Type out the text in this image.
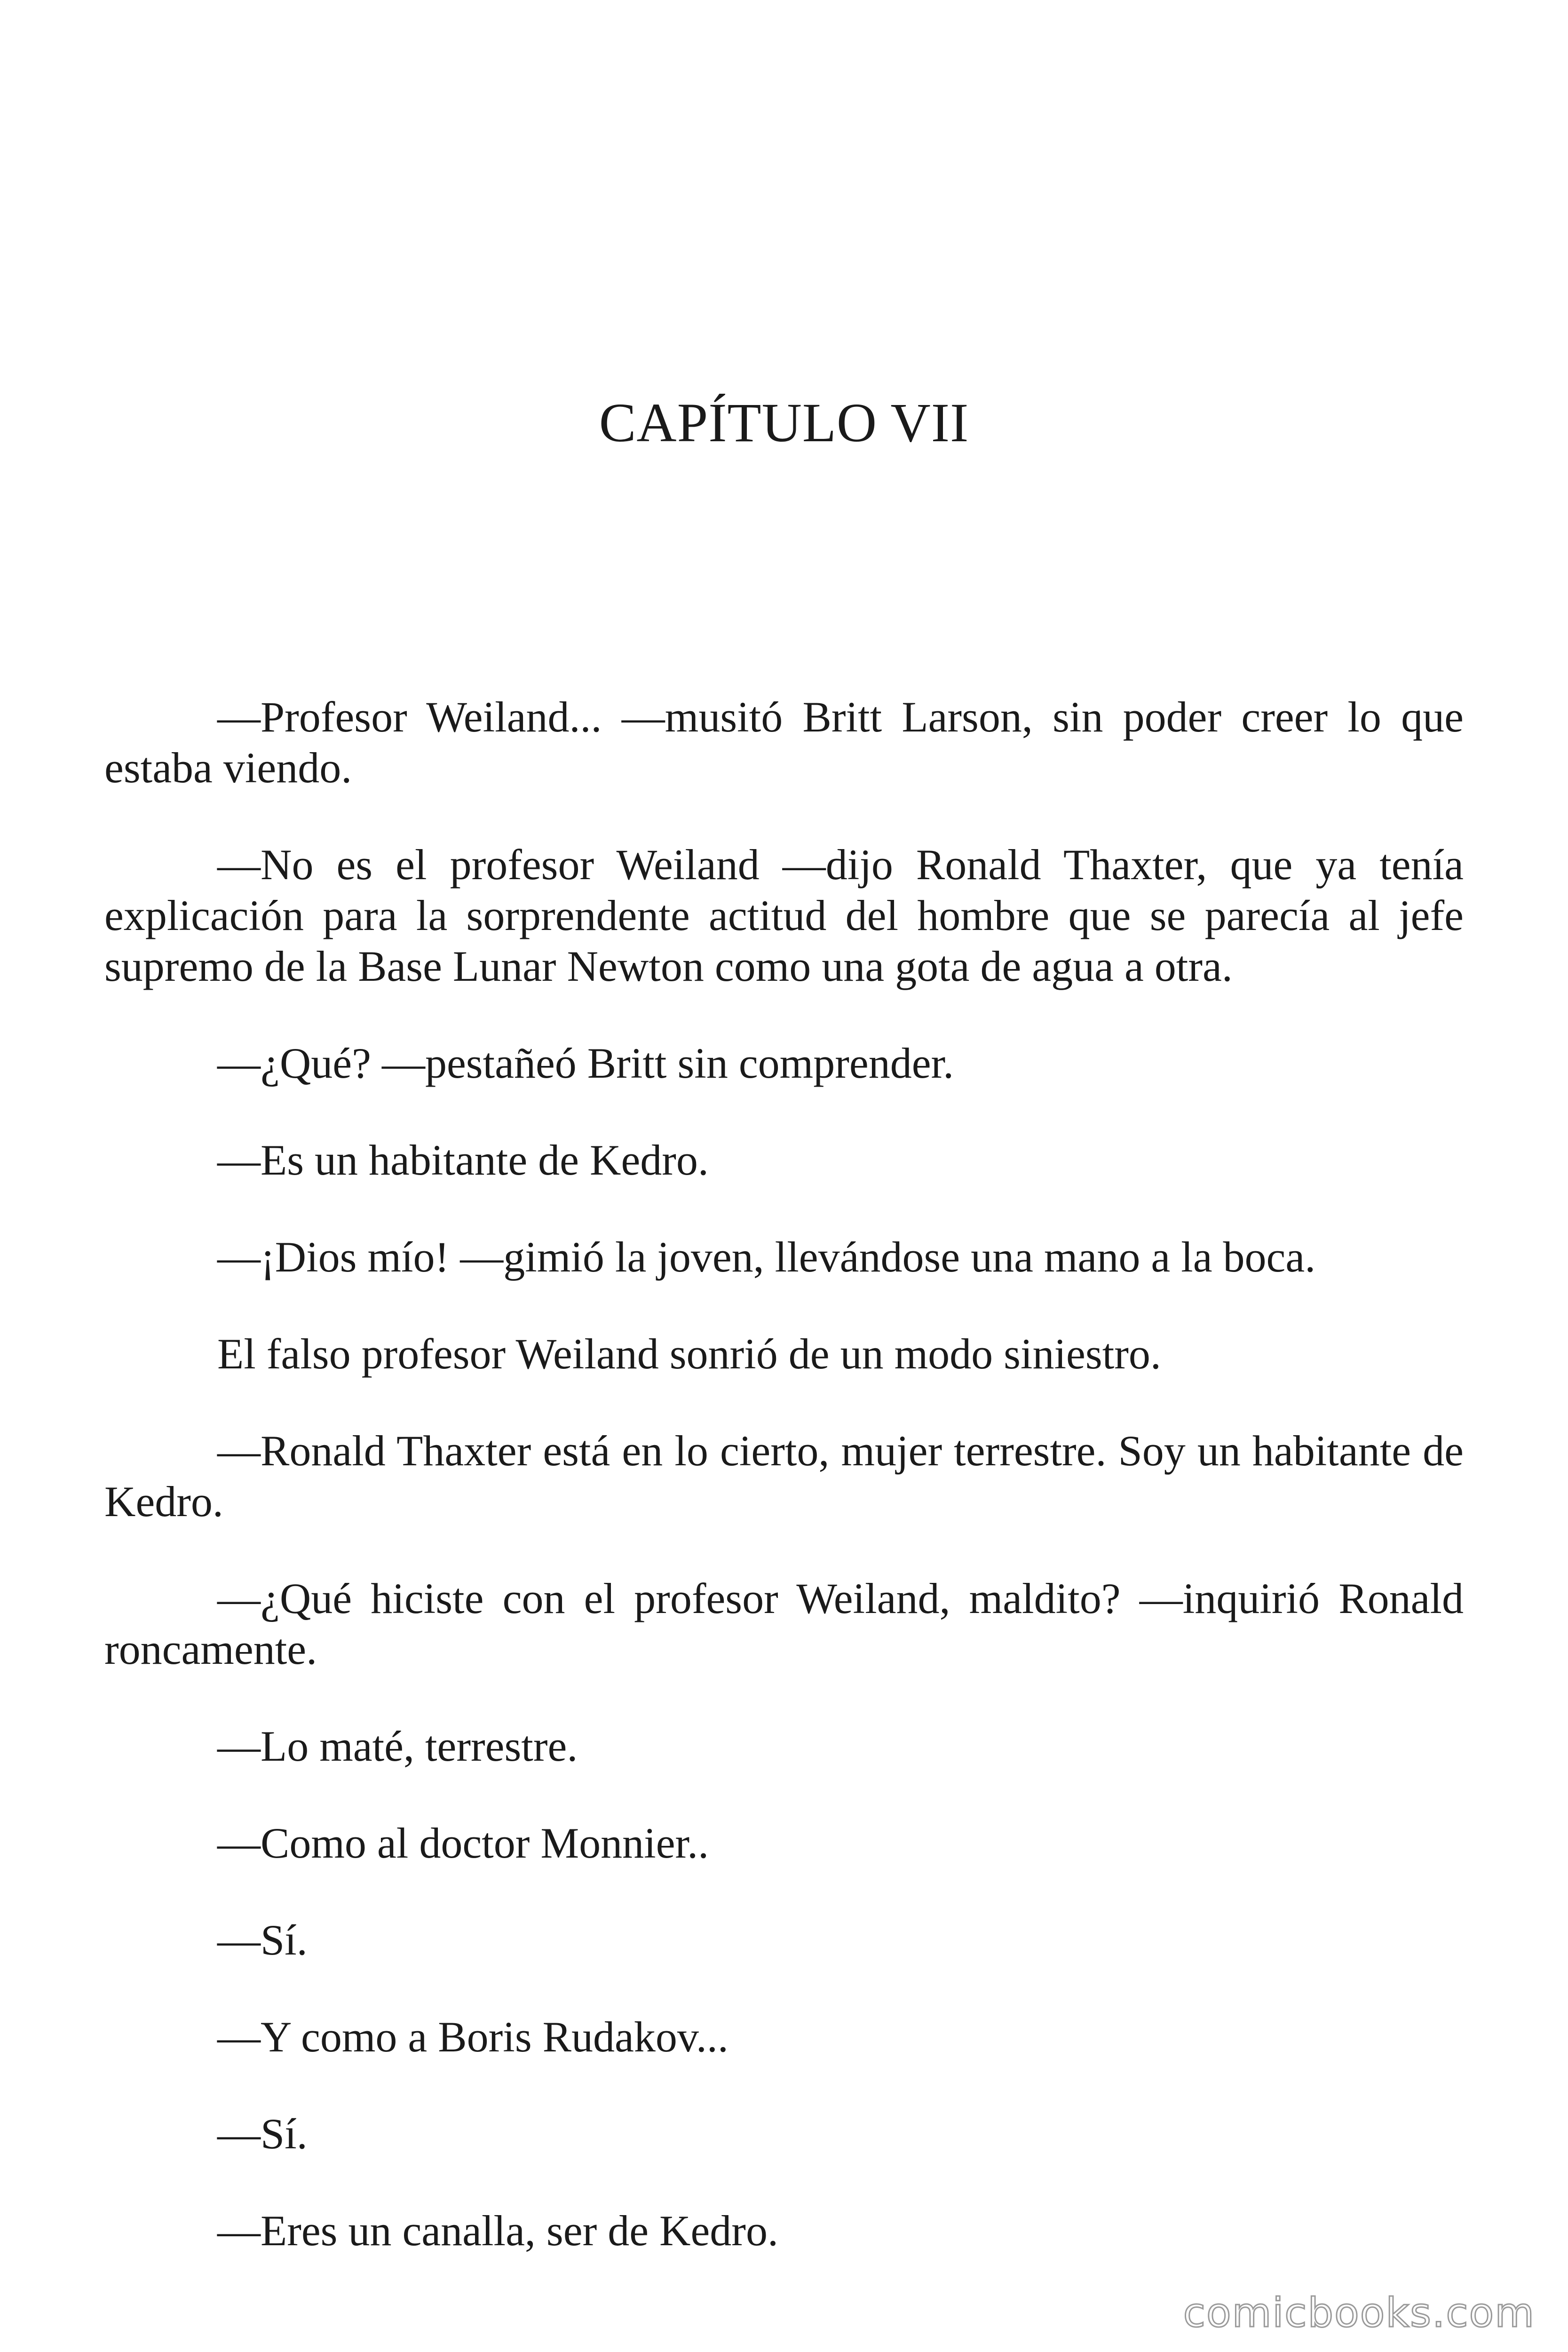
CAPÍTULO VII

—Profesor Weiland... —musitó Britt Larson, sin poder creer lo que estaba viendo.

—No es el profesor Weiland —dijo Ronald Thaxter, que ya tenía explicación para la sorprendente actitud del hombre que se parecía al jefe supremo de la Base Lunar Newton como una gota de agua a otra.

—¿Qué? —pestañeó Britt sin comprender.

—Es un habitante de Kedro.

—¡Dios mío! —gimió la joven, llevándose una mano a la boca.

El falso profesor Weiland sonrió de un modo siniestro.

—Ronald Thaxter está en lo cierto, mujer terrestre. Soy un habitante de Kedro.

—¿Qué hiciste con el profesor Weiland, maldito? —inquirió Ronald roncamente.

—Lo maté, terrestre.

—Como al doctor Monnier..

—Sí.

—Y como a Boris Rudakov...

—Sí.

—Eres un canalla, ser de Kedro.

comicbooks.com
